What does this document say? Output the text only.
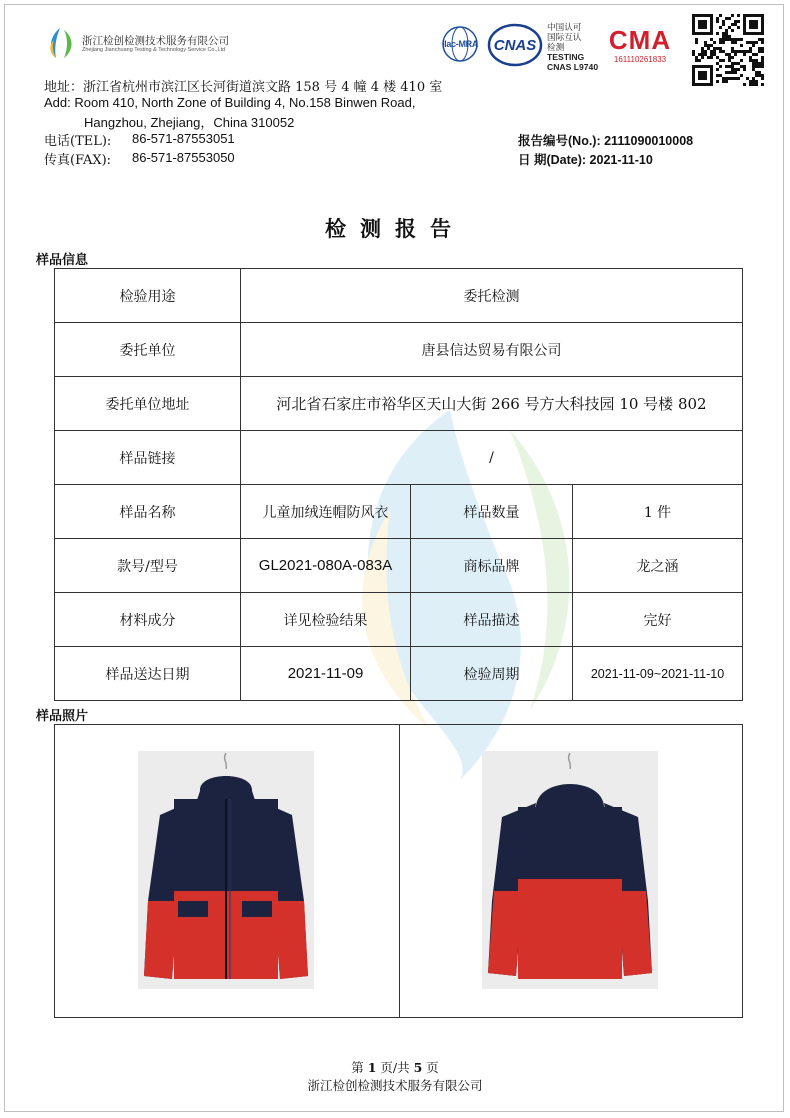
浙江检创检测技术服务有限公司
Zhejiang Jianchuang Testing & Technology Service Co.,Ltd
ilac-MRA	CNAS
中国认可
国际互认
检测
TESTING
CNAS L9740
CMA
161110261833
地址：浙江省杭州市滨江区长河街道滨文路 158 号 4 幢 4 楼 410 室
Add: Room 410, North Zone of Building 4, No.158 Binwen Road,
Hangzhou, Zhejiang，China 310052
电话(TEL): 86-571-87553051
传真(FAX): 86-571-87553050
报告编号(No.): 2111090010008
日 期(Date): 2021-11-10
检测报告
样品信息
检验用途	委托检测		
委托单位	唐县信达贸易有限公司		
委托单位地址	河北省石家庄市裕华区天山大街 266 号方大科技园 10 号楼 802		
样品链接	/		
样品名称	儿童加绒连帽防风衣	样品数量	1 件
款号/型号	GL2021-080A-083A	商标品牌	龙之涵
材料成分	详见检验结果	样品描述	完好
样品送达日期	2021-11-09	检验周期	2021-11-09~2021-11-10
样品照片
第 1 页/共 5 页
浙江检创检测技术服务有限公司
